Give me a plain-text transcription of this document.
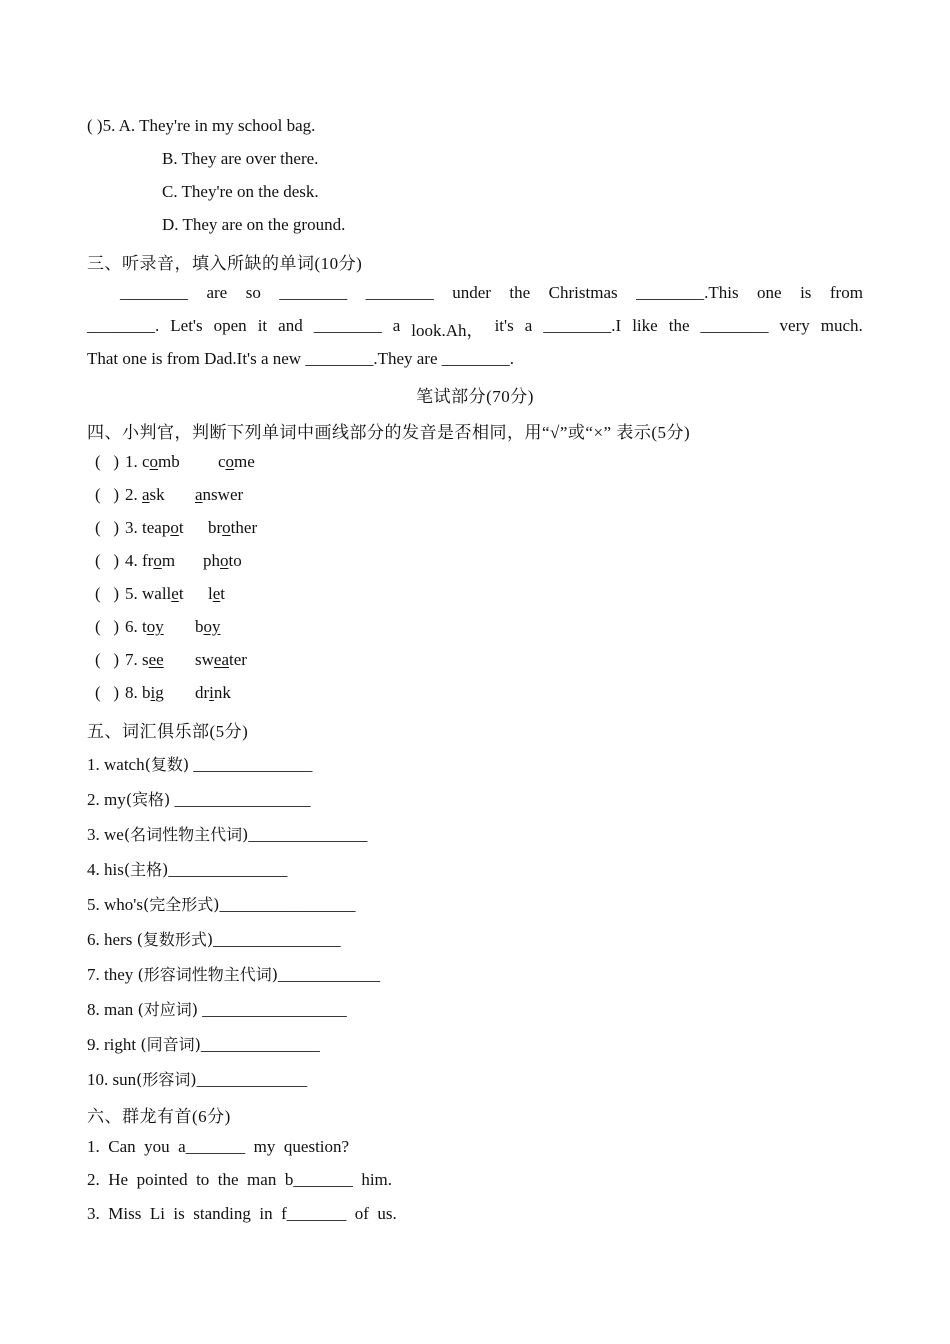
( )5. A. They're in my school bag.
B. They are over there.
C. They're on the desk.
D. They are on the ground.
三、听录音，填入所缺的单词(10分)
________ are so ________ ________ under the Christmas ________.This one is from
________. Let's open it and ________ a look.Ah， it's a ________.I like the ________ very much.
That one is from Dad.It's a new ________.They are ________.
笔试部分(70分)
四、小判官，判断下列单词中画线部分的发音是否相同，用“√”或“×” 表示(5分)
(   ) 1. comb come
(   ) 2. ask answer
(   ) 3. teapot brother
(   ) 4. from photo
(   ) 5. wallet let
(   ) 6. toy boy
(   ) 7. see sweater
(   ) 8. big drink
五、词汇俱乐部(5分)
1. watch(复数) ______________
2. my(宾格) ________________
3. we(名词性物主代词)______________
4. his(主格)______________
5. who's(完全形式)________________
6. hers (复数形式)_______________
7. they (形容词性物主代词)____________
8. man (对应词) _________________
9. right (同音词)______________
10. sun(形容词)_____________
六、群龙有首(6分)
1.  Can  you  a_______  my  question?
2.  He  pointed  to  the  man  b_______  him.
3.  Miss  Li  is  standing  in  f_______  of  us.
